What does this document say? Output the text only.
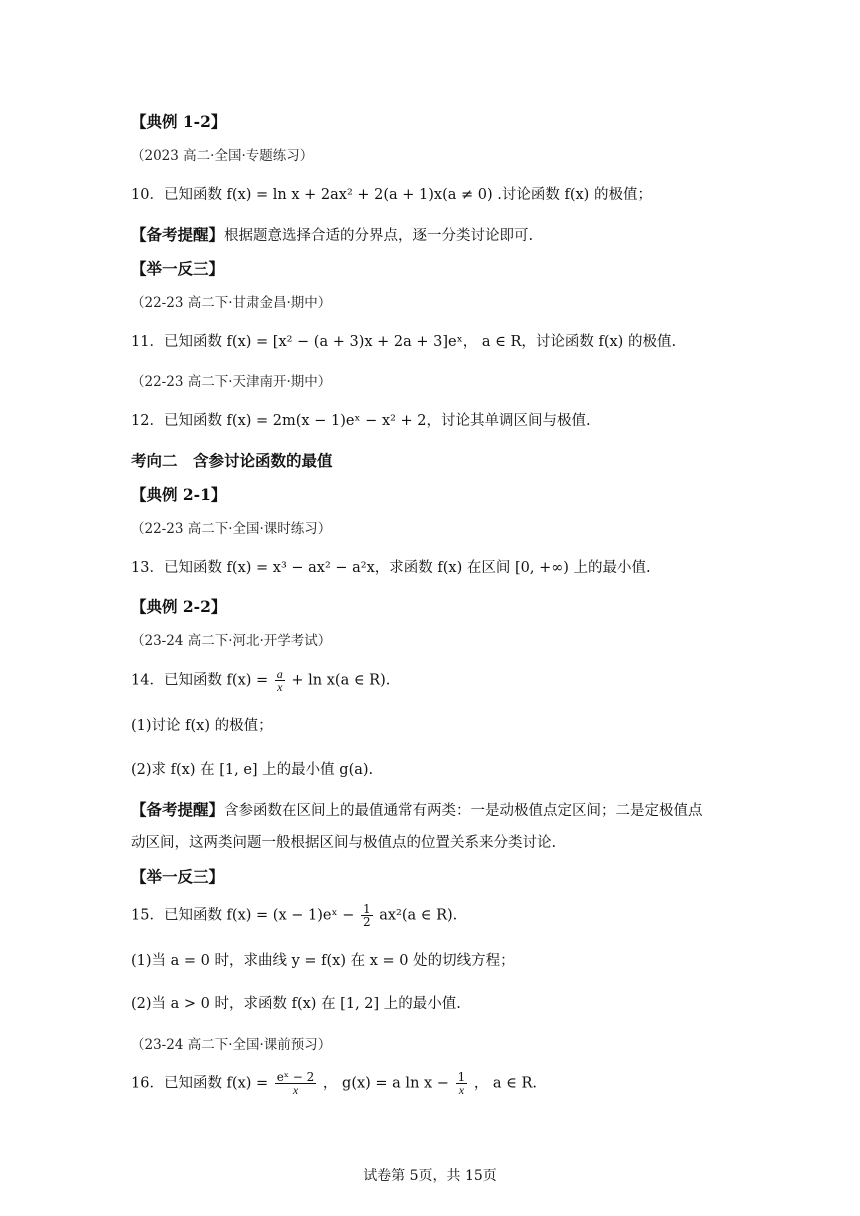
【典例 1-2】
（2023 高二·全国·专题练习）
10．已知函数 f(x) = ln x + 2ax² + 2(a + 1)x(a ≠ 0) .讨论函数 f(x) 的极值；
【备考提醒】根据题意选择合适的分界点，逐一分类讨论即可.
【举一反三】
（22-23 高二下·甘肃金昌·期中）
11．已知函数 f(x) = [x² − (a + 3)x + 2a + 3]eˣ， a ∈ R，讨论函数 f(x) 的极值.
（22-23 高二下·天津南开·期中）
12．已知函数 f(x) = 2m(x − 1)eˣ − x² + 2，讨论其单调区间与极值.
考向二　含参讨论函数的最值
【典例 2-1】
（22-23 高二下·全国·课时练习）
13．已知函数 f(x) = x³ − ax² − a²x，求函数 f(x) 在区间 [0, +∞) 上的最小值.
【典例 2-2】
（23-24 高二下·河北·开学考试）
14．已知函数 $f(x) = \frac{a}{x} + \ln x(a$ ∈ R).
(1)讨论 f(x) 的极值；
(2)求 f(x) 在 [1, e] 上的最小值 g(a).
【备考提醒】含参函数在区间上的最值通常有两类：一是动极值点定区间；二是定极值点
动区间，这两类问题一般根据区间与极值点的位置关系来分类讨论.
【举一反三】
15．已知函数 f(x) = (x − 1)eˣ − $\frac{1}{2} ax^2(a$ ∈ R).
(1)当 a = 0 时，求曲线 y = f(x) 在 x = 0 处的切线方程；
(2)当 a > 0 时，求函数 f(x) 在 [1, 2] 上的最小值.
（23-24 高二下·全国·课前预习）
16．已知函数 $f(x) = \frac{\text{eˣ − 2}}{x}$ ， g(x) = a $\ln x - \frac{1}{x}$ ， a ∈ R.
试卷第 5页，共 15页
